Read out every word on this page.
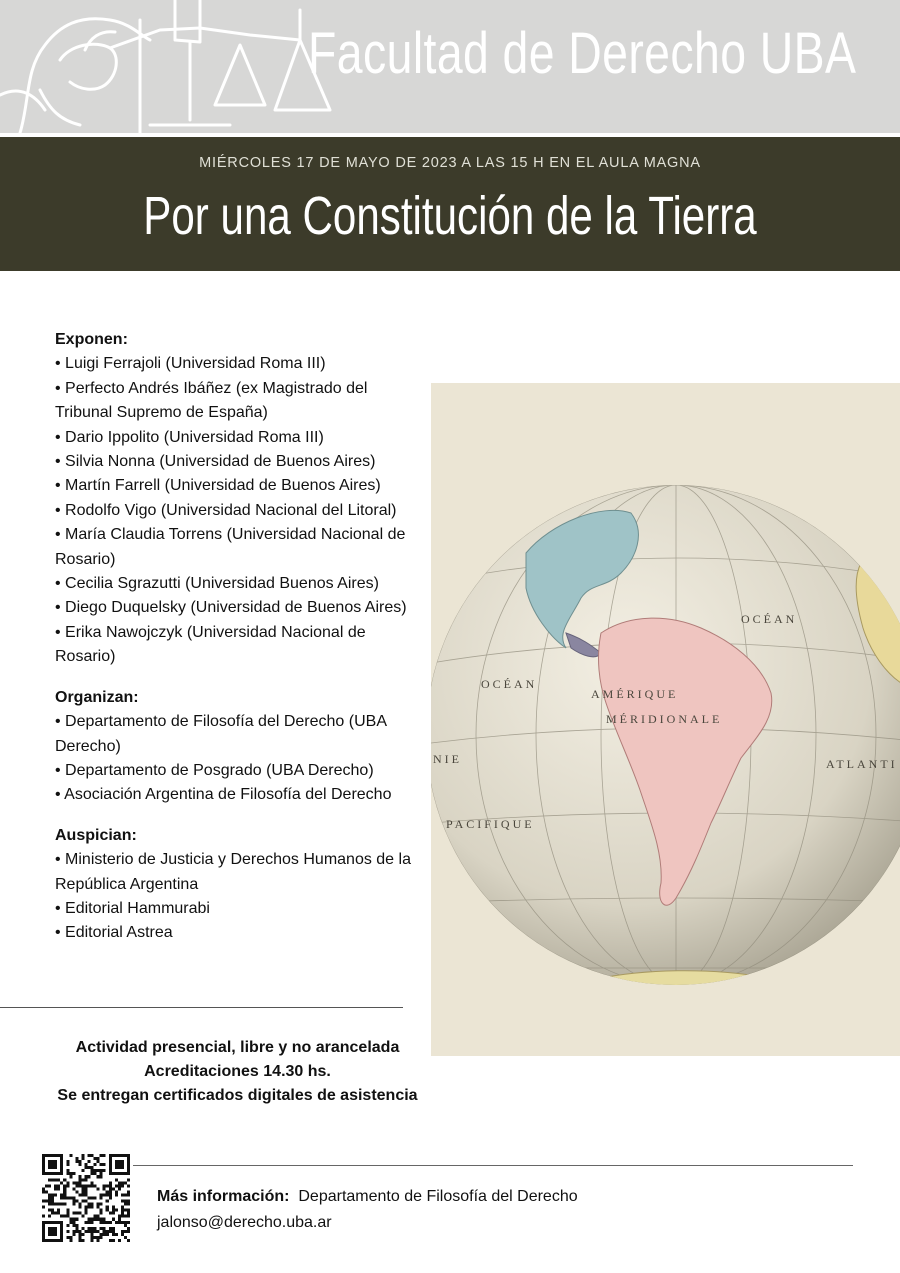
Facultad de Derecho UBA
MIÉRCOLES 17 DE MAYO DE 2023 A LAS 15 H EN EL AULA MAGNA
Por una Constitución de la Tierra
Exponen:
• Luigi Ferrajoli (Universidad Roma III)
• Perfecto Andrés Ibáñez (ex Magistrado del Tribunal Supremo de España)
• Dario Ippolito (Universidad Roma III)
• Silvia Nonna (Universidad de Buenos Aires)
• Martín Farrell (Universidad de Buenos Aires)
• Rodolfo Vigo (Universidad Nacional del Litoral)
• María Claudia Torrens (Universidad Nacional de Rosario)
• Cecilia Sgrazutti (Universidad Buenos Aires)
• Diego Duquelsky (Universidad de Buenos Aires)
• Erika Nawojczyk (Universidad Nacional de Rosario)
Organizan:
• Departamento de Filosofía del Derecho (UBA Derecho)
• Departamento de Posgrado (UBA Derecho)
• Asociación Argentina de Filosofía del Derecho
Auspician:
• Ministerio de Justicia y Derechos Humanos de la República Argentina
• Editorial Hammurabi
• Editorial Astrea
OCÉAN
AMÉRIQUE
MÉRIDIONALE
OCÉAN
ATLANTI
PACIFIQUE
NIE
Actividad presencial, libre y no arancelada
Acreditaciones 14.30 hs.
Se entregan certificados digitales de asistencia
Más información: Departamento de Filosofía del Derecho
jalonso@derecho.uba.ar
